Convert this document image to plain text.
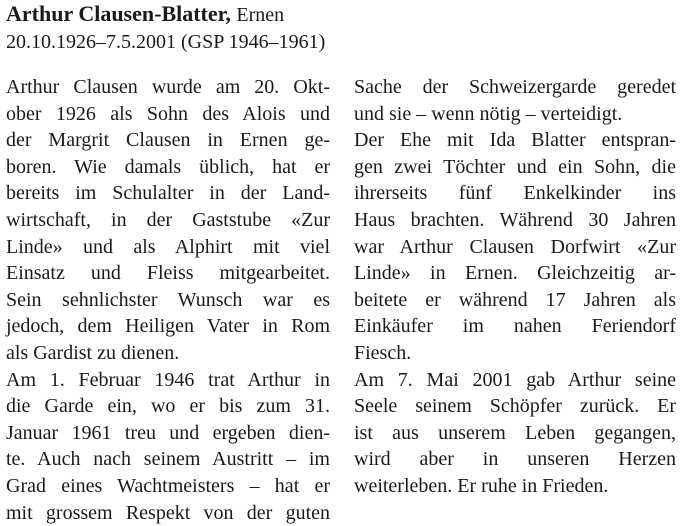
Arthur Clausen-Blatter, Ernen
20.10.1926–7.5.2001 (GSP 1946–1961)
Arthur Clausen wurde am 20. Okt-
ober 1926 als Sohn des Alois und
der Margrit Clausen in Ernen ge-
boren. Wie damals üblich, hat er
bereits im Schulalter in der Land-
wirtschaft, in der Gaststube «Zur
Linde» und als Alphirt mit viel
Einsatz und Fleiss mitgearbeitet.
Sein sehnlichster Wunsch war es
jedoch, dem Heiligen Vater in Rom
als Gardist zu dienen.
Am 1. Februar 1946 trat Arthur in
die Garde ein, wo er bis zum 31.
Januar 1961 treu und ergeben dien-
te. Auch nach seinem Austritt – im
Grad eines Wachtmeisters – hat er
mit grossem Respekt von der guten
Sache der Schweizergarde geredet
und sie – wenn nötig – verteidigt.
Der Ehe mit Ida Blatter entspran-
gen zwei Töchter und ein Sohn, die
ihrerseits fünf Enkelkinder ins
Haus brachten. Während 30 Jahren
war Arthur Clausen Dorfwirt «Zur
Linde» in Ernen. Gleichzeitig ar-
beitete er während 17 Jahren als
Einkäufer im nahen Feriendorf
Fiesch.
Am 7. Mai 2001 gab Arthur seine
Seele seinem Schöpfer zurück. Er
ist aus unserem Leben gegangen,
wird aber in unseren Herzen
weiterleben. Er ruhe in Frieden.
